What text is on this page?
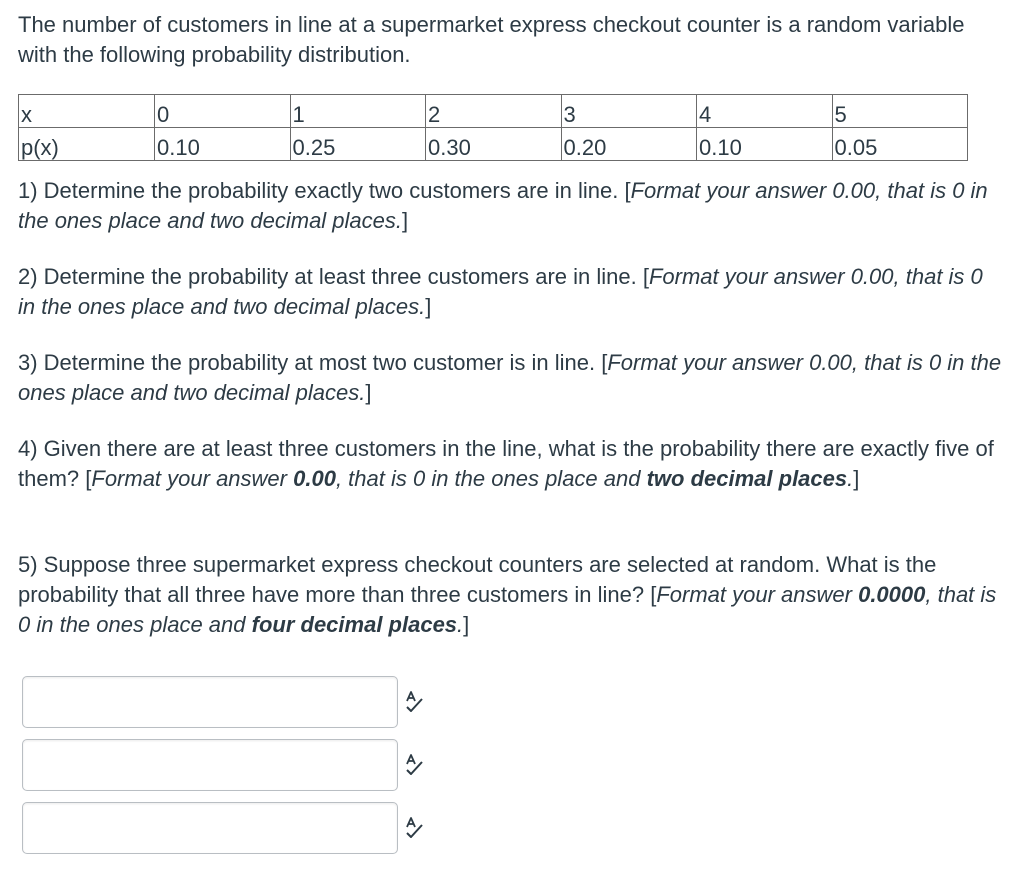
The number of customers in line at a supermarket express checkout counter is a random variable with the following probability distribution.

x	0	1	2	3	4	5
p(x)	0.10	0.25	0.30	0.20	0.10	0.05

1) Determine the probability exactly two customers are in line. [Format your answer 0.00, that is 0 in the ones place and two decimal places.]

2) Determine the probability at least three customers are in line. [Format your answer 0.00, that is 0 in the ones place and two decimal places.]

3) Determine the probability at most two customer is in line. [Format your answer 0.00, that is 0 in the ones place and two decimal places.]

4) Given there are at least three customers in the line, what is the probability there are exactly five of them? [Format your answer 0.00, that is 0 in the ones place and two decimal places.]

5) Suppose three supermarket express checkout counters are selected at random. What is the probability that all three have more than three customers in line? [Format your answer 0.0000, that is 0 in the ones place and four decimal places.]
